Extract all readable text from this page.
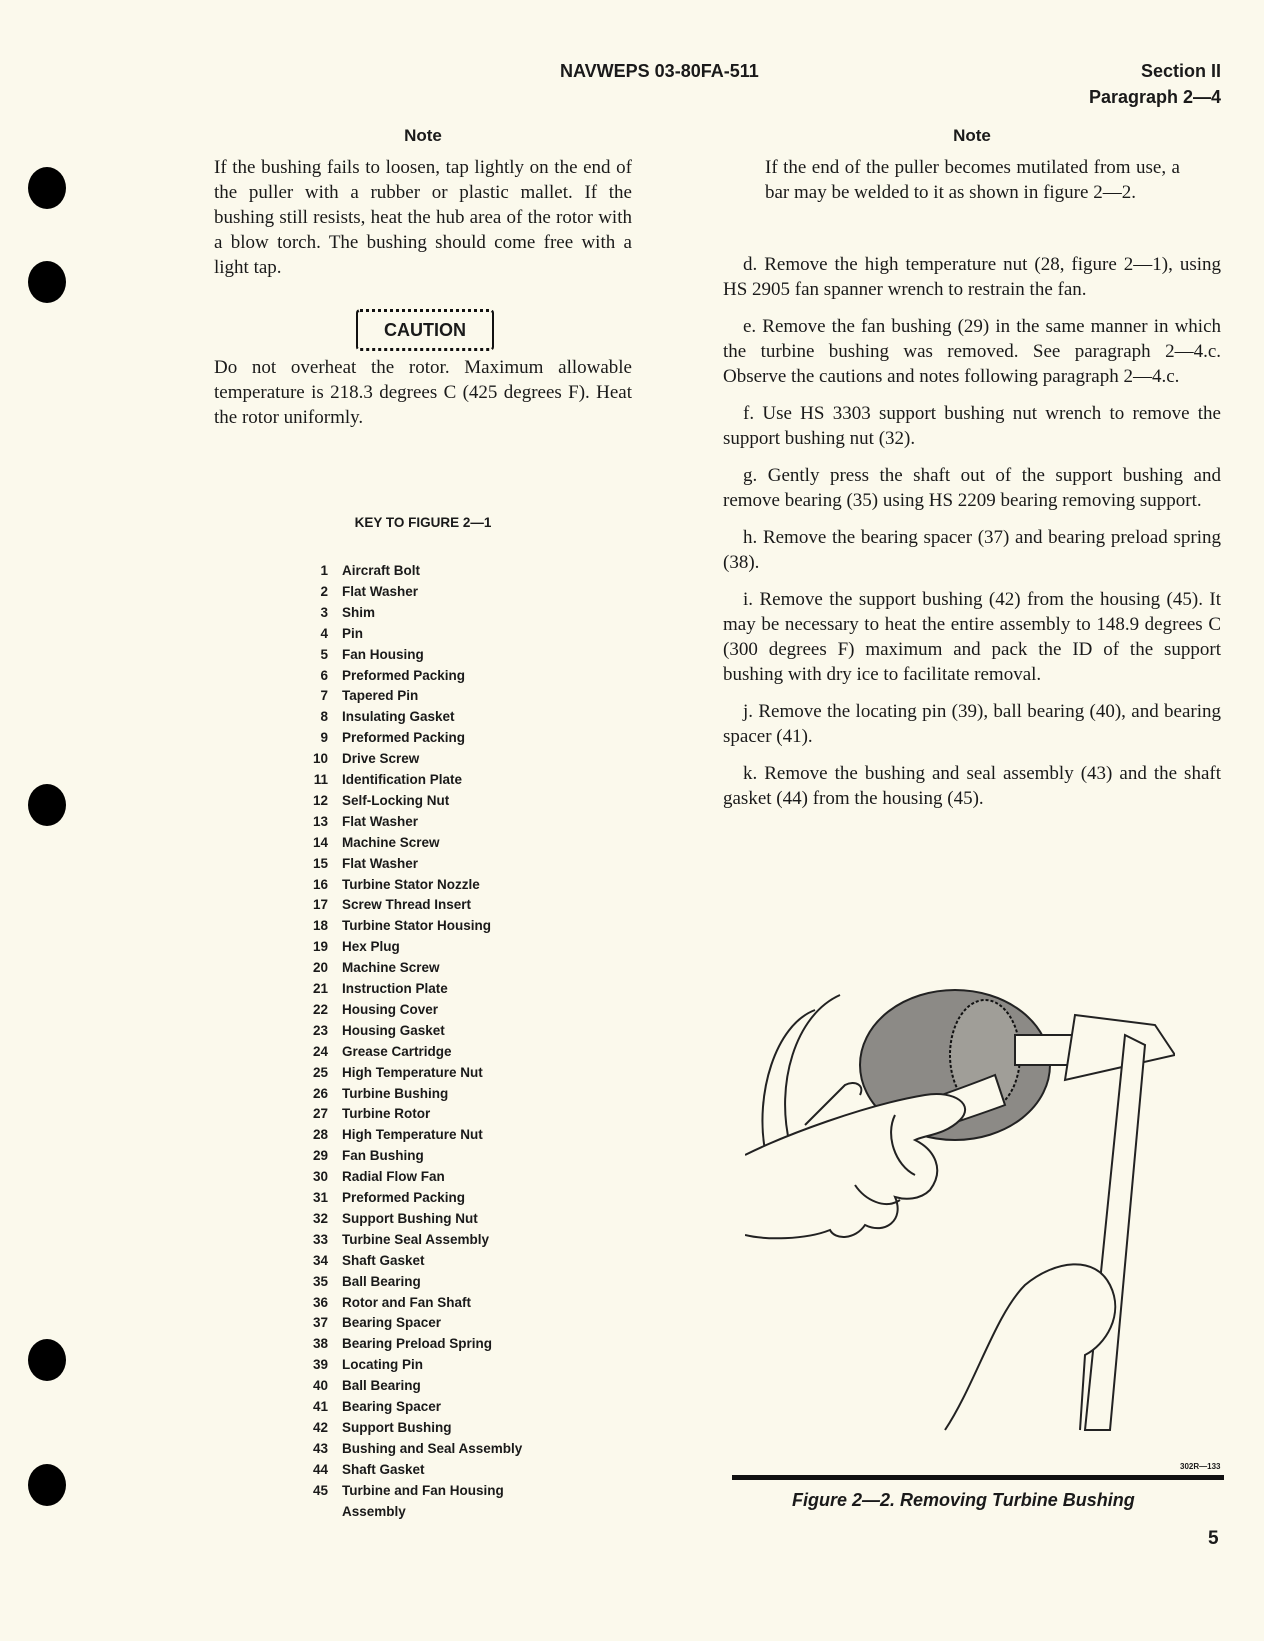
NAVWEPS 03-80FA-511	Section II
Paragraph 2—4
Note

If the bushing fails to loosen, tap lightly on the end of the puller with a rubber or plastic mallet. If the bushing still resists, heat the hub area of the rotor with a blow torch. The bushing should come free with a light tap.

CAUTION

Do not overheat the rotor. Maximum allowable temperature is 218.3 degrees C (425 degrees F). Heat the rotor uniformly.

KEY TO FIGURE 2—1
1 Aircraft Bolt
2 Flat Washer
3 Shim
4 Pin
5 Fan Housing
6 Preformed Packing
7 Tapered Pin
8 Insulating Gasket
9 Preformed Packing
10 Drive Screw
11 Identification Plate
12 Self-Locking Nut
13 Flat Washer
14 Machine Screw
15 Flat Washer
16 Turbine Stator Nozzle
17 Screw Thread Insert
18 Turbine Stator Housing
19 Hex Plug
20 Machine Screw
21 Instruction Plate
22 Housing Cover
23 Housing Gasket
24 Grease Cartridge
25 High Temperature Nut
26 Turbine Bushing
27 Turbine Rotor
28 High Temperature Nut
29 Fan Bushing
30 Radial Flow Fan
31 Preformed Packing
32 Support Bushing Nut
33 Turbine Seal Assembly
34 Shaft Gasket
35 Ball Bearing
36 Rotor and Fan Shaft
37 Bearing Spacer
38 Bearing Preload Spring
39 Locating Pin
40 Ball Bearing
41 Bearing Spacer
42 Support Bushing
43 Bushing and Seal Assembly
44 Shaft Gasket
45 Turbine and Fan Housing
Assembly
Note

If the end of the puller becomes mutilated from use, a bar may be welded to it as shown in figure 2—2.

d. Remove the high temperature nut (28, figure 2—1), using HS 2905 fan spanner wrench to restrain the fan.

e. Remove the fan bushing (29) in the same manner in which the turbine bushing was removed. See paragraph 2—4.c. Observe the cautions and notes following paragraph 2—4.c.

f. Use HS 3303 support bushing nut wrench to remove the support bushing nut (32).

g. Gently press the shaft out of the support bushing and remove bearing (35) using HS 2209 bearing removing support.

h. Remove the bearing spacer (37) and bearing preload spring (38).

i. Remove the support bushing (42) from the housing (45). It may be necessary to heat the entire assembly to 148.9 degrees C (300 degrees F) maximum and pack the ID of the support bushing with dry ice to facilitate removal.

j. Remove the locating pin (39), ball bearing (40), and bearing spacer (41).

k. Remove the bushing and seal assembly (43) and the shaft gasket (44) from the housing (45).

302R—133
Figure 2—2. Removing Turbine Bushing
5
